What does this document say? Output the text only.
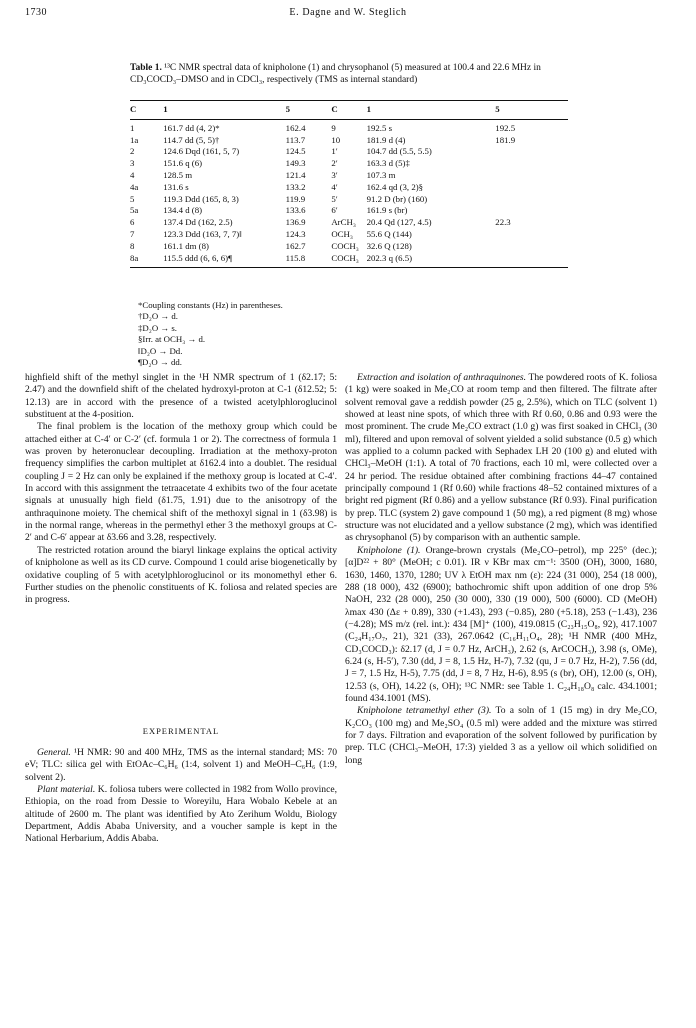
1730	E. Dagne and W. Steglich
Table 1. ¹³C NMR spectral data of knipholone (1) and chrysophanol (5) measured at 100.4 and 22.6 MHz in CD₃COCD₃–DMSO and in CDCl₃, respectively (TMS as internal standard)
C	1	5	C	1	5
1	161.7 dd (4, 2)*	162.4	9	192.5 s	192.5
1a	114.7 dd (5, 5)†	113.7	10	181.9 d (4)	181.9
2	124.6 Dqd (161, 5, 7)	124.5	1′	104.7 dd (5.5, 5.5)	
3	151.6 q (6)	149.3	2′	163.3 d (5)‡	
4	128.5 m	121.4	3′	107.3 m	
4a	131.6 s	133.2	4′	162.4 qd (3, 2)§	
5	119.3 Ddd (165, 8, 3)	119.9	5′	91.2 D (br) (160)	
5a	134.4 d (8)	133.6	6′	161.9 s (br)	
6	137.4 Dd (162, 2.5)	136.9	ArCH₃	20.4 Qd (127, 4.5)	22.3
7	123.3 Ddd (163, 7, 7)‖	124.3	OCH₃	55.6 Q (144)	
8	161.1 dm (8)	162.7	COCH₃	32.6 Q (128)	
8a	115.5 ddd (6, 6, 6)¶	115.8	COCH₃	202.3 q (6.5)	
*Coupling constants (Hz) in parentheses.
†D₂O → d.
‡D₂O → s.
§Irr. at OCH₃ → d.
‖D₂O → Dd.
¶D₂O → dd.

highfield shift of the methyl singlet in the ¹H NMR spectrum of 1 (δ2.17; 5: 2.47) and the downfield shift of the chelated hydroxyl-proton at C-1 (δ12.52; 5: 12.13) are in accord with the presence of a twisted acetylphloroglucinol substituent at the 4-position.

The final problem is the location of the methoxy group which could be attached either at C-4′ or C-2′ (cf. formula 1 or 2). The correctness of formula 1 was proven by heteronuclear decoupling. Irradiation at the methoxy-proton frequency simplifies the carbon multiplet at δ162.4 into a doublet. The residual coupling J = 2 Hz can only be explained if the methoxy group is located at C-4′. In accord with this assignment the tetraacetate 4 exhibits two of the four acetate signals at unusually high field (δ1.75, 1.91) due to the anisotropy of the anthraquinone moiety. The chemical shift of the methoxyl signal in 1 (δ3.98) is in the normal range, whereas in the permethyl ether 3 the methoxyl groups at C-2′ and C-6′ appear at δ3.66 and 3.28, respectively.

The restricted rotation around the biaryl linkage explains the optical activity of knipholone as well as its CD curve. Compound 1 could arise biogenetically by oxidative coupling of 5 with acetylphloroglucinol or its monomethyl ether 6. Further studies on the phenolic constituents of K. foliosa and related species are in progress.

EXPERIMENTAL

General. ¹H NMR: 90 and 400 MHz, TMS as the internal standard; MS: 70 eV; TLC: silica gel with EtOAc–C₆H₆ (1:4, solvent 1) and MeOH–C₆H₆ (1:9, solvent 2).

Plant material. K. foliosa tubers were collected in 1982 from Wollo province, Ethiopia, on the road from Dessie to Woreyilu, Hara Wobalo Kebele at an altitude of 2600 m. The plant was identified by Ato Zerihum Woldu, Biology Department, Addis Ababa University, and a voucher sample is kept in the National Herbarium, Addis Ababa.

Extraction and isolation of anthraquinones. The powdered roots of K. foliosa (1 kg) were soaked in Me₂CO at room temp and then filtered. The filtrate after solvent removal gave a reddish powder (25 g, 2.5%), which on TLC (solvent 1) showed at least nine spots, of which three with Rf 0.60, 0.86 and 0.93 were the most prominent. The crude Me₂CO extract (1.0 g) was first soaked in CHCl₃ (30 ml), filtered and upon removal of solvent yielded a solid substance (0.5 g) which was applied to a column packed with Sephadex LH 20 (100 g) and eluted with CHCl₃–MeOH (1:1). A total of 70 fractions, each 10 ml, were collected over a 24 hr period. The residue obtained after combining fractions 44–47 contained principally compound 1 (Rf 0.60) while fractions 48–52 contained mixtures of a bright red pigment (Rf 0.86) and a yellow substance (Rf 0.93). Final purification by prep. TLC (system 2) gave compound 1 (50 mg), a red pigment (8 mg) whose structure was not elucidated and a yellow substance (2 mg), which was identified as chrysophanol (5) by comparison with an authentic sample.

Knipholone (1). Orange-brown crystals (Me₂CO–petrol), mp 225° (dec.); [α]D²² + 80° (MeOH; c 0.01). IR ν KBr max cm⁻¹: 3500 (OH), 3000, 1680, 1630, 1460, 1370, 1280; UV λ EtOH max nm (ε): 224 (31 000), 254 (18 000), 288 (18 000), 432 (6900); bathochromic shift upon addition of one drop 5% NaOH, 232 (28 000), 250 (30 000), 330 (19 000), 500 (6000). CD (MeOH) λmax 430 (Δε + 0.89), 330 (+1.43), 293 (−0.85), 280 (+5.18), 253 (−1.43), 236 (−4.28); MS m/z (rel. int.): 434 [M]⁺ (100), 419.0815 (C₂₃H₁₅O₈, 92), 417.1007 (C₂₄H₁₇O₇, 21), 321 (33), 267.0642 (C₁₆H₁₁O₄, 28); ¹H NMR (400 MHz, CD₃COCD₃): δ2.17 (d, J = 0.7 Hz, ArCH₃), 2.62 (s, ArCOCH₃), 3.98 (s, OMe), 6.24 (s, H-5′), 7.30 (dd, J = 8, 1.5 Hz, H-7), 7.32 (qu, J = 0.7 Hz, H-2), 7.56 (dd, J = 7, 1.5 Hz, H-5), 7.75 (dd, J = 8, 7 Hz, H-6), 8.95 (s (br), OH), 12.00 (s, OH), 12.53 (s, OH), 14.22 (s, OH); ¹³C NMR: see Table 1. C₂₄H₁₈O₈ calc. 434.1001; found 434.1001 (MS).

Knipholone tetramethyl ether (3). To a soln of 1 (15 mg) in dry Me₂CO, K₂CO₃ (100 mg) and Me₂SO₄ (0.5 ml) were added and the mixture was stirred for 7 days. Filtration and evaporation of the solvent followed by purification by prep. TLC (CHCl₃–MeOH, 17:3) yielded 3 as a yellow oil which solidified on long
